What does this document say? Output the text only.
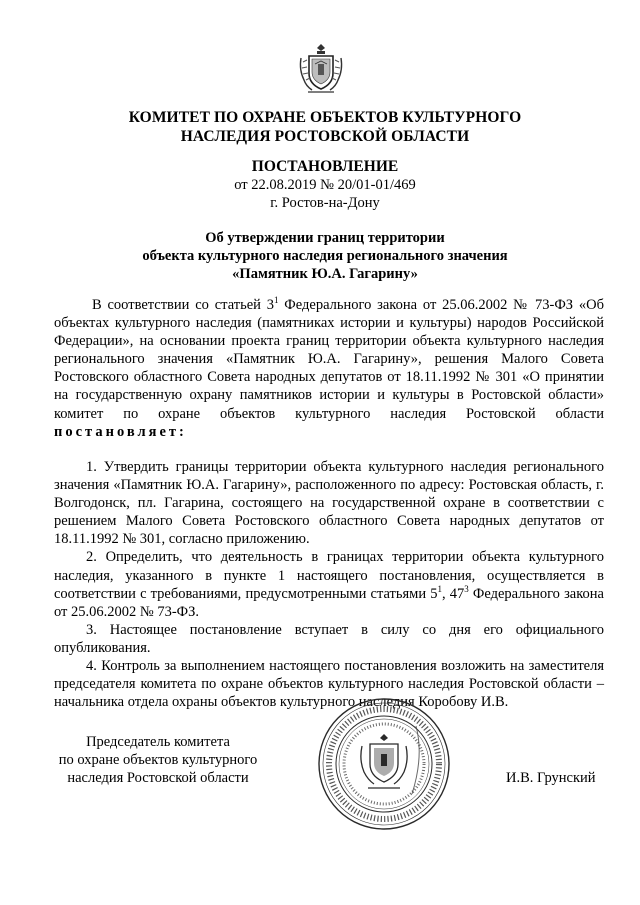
КОМИТЕТ ПО ОХРАНЕ ОБЪЕКТОВ КУЛЬТУРНОГО
НАСЛЕДИЯ РОСТОВСКОЙ ОБЛАСТИ
ПОСТАНОВЛЕНИЕ
от 22.08.2019 № 20/01-01/469
г. Ростов-на-Дону
Об утверждении границ территории
объекта культурного наследия регионального значения
«Памятник Ю.А. Гагарину»
В соответствии со статьей $3^1$ Федерального закона от 25.06.2002 № 73-ФЗ «Об объектах культурного наследия (памятниках истории и культуры) народов Российской Федерации», на основании проекта границ территории объекта культурного наследия регионального значения «Памятник Ю.А. Гагарину», решения Малого Совета Ростовского областного Совета народных депутатов от 18.11.1992 № 301 «О принятии на государственную охрану памятников истории и культуры в Ростовской области» комитет по охране объектов культурного наследия Ростовской области постановляет:

1. Утвердить границы территории объекта культурного наследия регионального значения «Памятник Ю.А. Гагарину», расположенного по адресу: Ростовская область, г. Волгодонск, пл. Гагарина, состоящего на государственной охране в соответствии с решением Малого Совета Ростовского областного Совета народных депутатов от 18.11.1992 № 301, согласно приложению.

2. Определить, что деятельность в границах территории объекта культурного наследия, указанного в пункте 1 настоящего постановления, осуществляется в соответствии с требованиями, предусмотренными статьями $5^1$, $47^3$ Федерального закона от 25.06.2002 № 73-ФЗ.

3. Настоящее постановление вступает в силу со дня его официального опубликования.

4. Контроль за выполнением настоящего постановления возложить на заместителя председателя комитета по охране объектов культурного наследия Ростовской области – начальника отдела охраны объектов культурного наследия Коробову И.В.

Председатель комитета
по охране объектов культурного
наследия Ростовской области	И.В. Грунский
